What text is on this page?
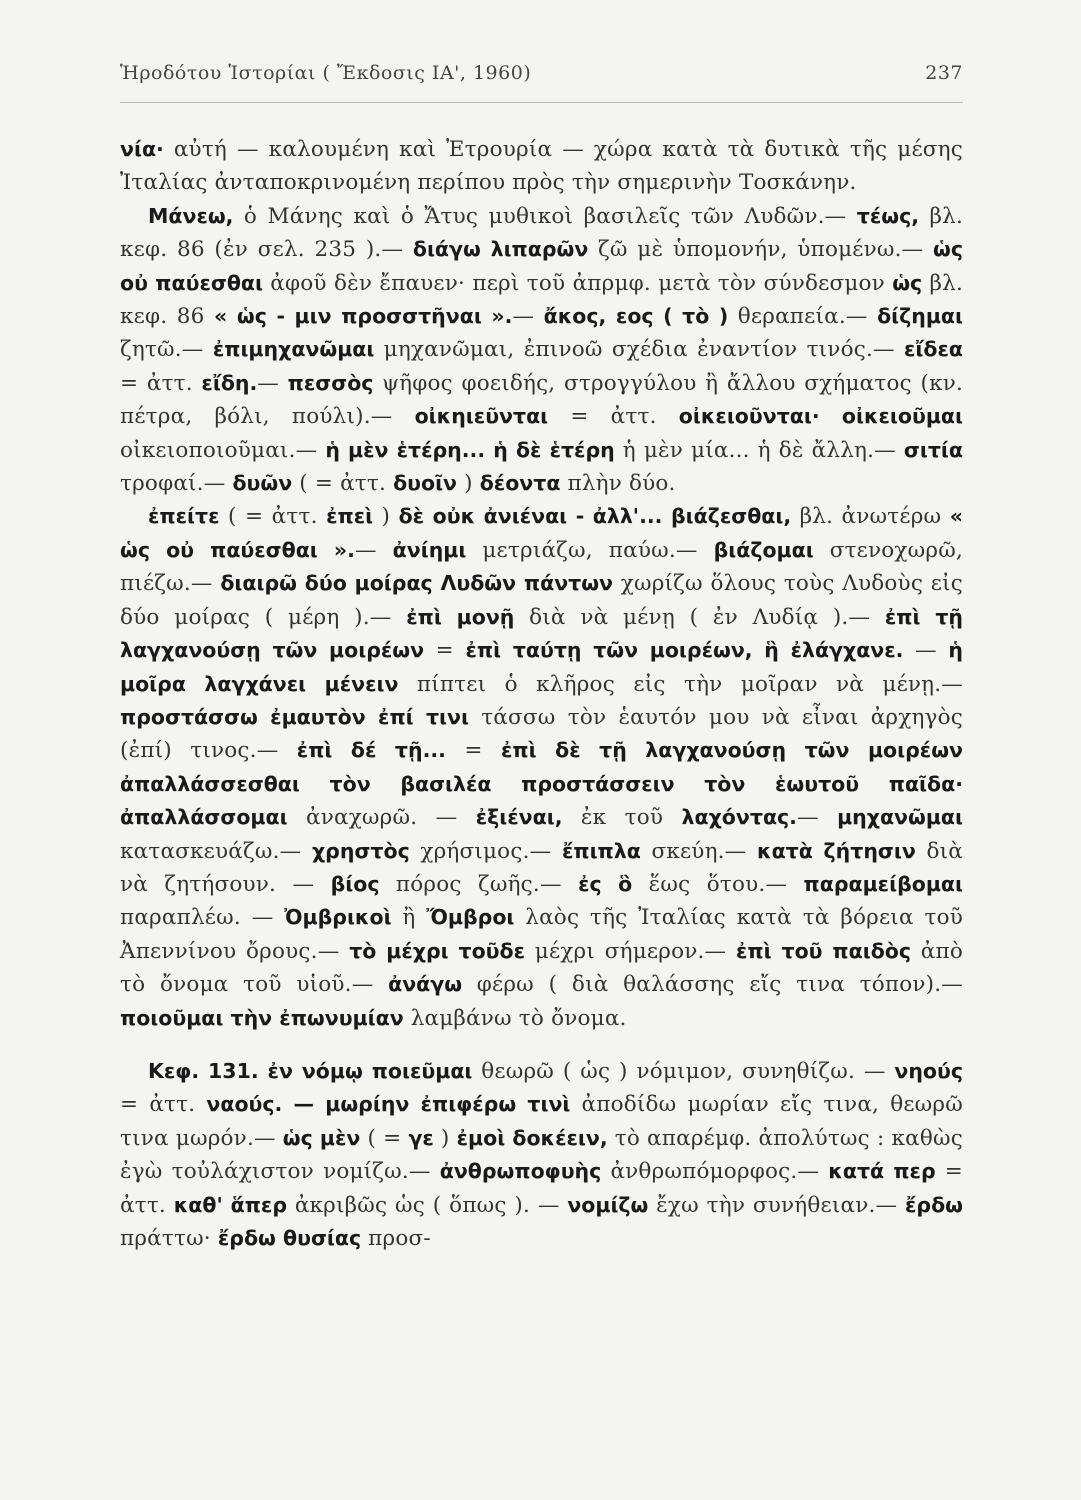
Ἡροδότου Ἱστορίαι ( Ἔκδοσις ΙΑ', 1960)	237

νία· αὐτή — καλουμένη καὶ Ἐτρουρία — χώρα κατὰ τὰ δυτικὰ τῆς μέσης Ἰταλίας ἀνταποκρινομένη περίπου πρὸς τὴν σημερινὴν Τοσκάνην.

Μάνεω, ὁ Μάνης καὶ ὁ Ἄτυς μυθικοὶ βασιλεῖς τῶν Λυδῶν.— τέως, βλ. κεφ. 86 (ἐν σελ. 235 ).— διάγω λιπαρῶν ζῶ μὲ ὑπομονήν, ὑπομένω.— ὡς οὐ παύεσθαι ἀφοῦ δὲν ἔπαυεν· περὶ τοῦ ἀπρμφ. μετὰ τὸν σύνδεσμον ὡς βλ. κεφ. 86 « ὡς - μιν προσστῆναι ».— ἄκος, εος ( τὸ ) θεραπεία.— δίζημαι ζητῶ.— ἐπιμηχανῶμαι μηχανῶμαι, ἐπινοῶ σχέδια ἐναντίον τινός.— εἴδεα = ἀττ. εἴδη.— πεσσὸς ψῆφος φοειδής, στρογγύλου ἢ ἄλλου σχήματος (κν. πέτρα, βόλι, πούλι).— οἰκηιεῦνται = ἀττ. οἰκειοῦνται· οἰκειοῦμαι οἰκειοποιοῦμαι.— ἡ μὲν ἑτέρη... ἡ δὲ ἑτέρη ἡ μὲν μία... ἡ δὲ ἄλλη.— σιτία τροφαί.— δυῶν ( = ἀττ. δυοῖν ) δέοντα πλὴν δύο.

ἐπείτε ( = ἀττ. ἐπεὶ ) δὲ οὐκ ἀνιέναι - ἀλλ'... βιάζεσθαι, βλ. ἀνωτέρω « ὡς οὐ παύεσθαι ».— ἀνίημι μετριάζω, παύω.— βιάζομαι στενοχωρῶ, πιέζω.— διαιρῶ δύο μοίρας Λυδῶν πάντων χωρίζω ὅλους τοὺς Λυδοὺς εἰς δύο μοίρας ( μέρη ).— ἐπὶ μονῇ διὰ νὰ μένῃ ( ἐν Λυδίᾳ ).— ἐπὶ τῇ λαγχανούσῃ τῶν μοιρέων = ἐπὶ ταύτῃ τῶν μοιρέων, ἣ ἐλάγχανε. — ἡ μοῖρα λαγχάνει μένειν πίπτει ὁ κλῆρος εἰς τὴν μοῖραν νὰ μένῃ.— προστάσσω ἐμαυτὸν ἐπί τινι τάσσω τὸν ἑαυτόν μου νὰ εἶναι ἀρχηγὸς (ἐπί) τινος.— ἐπὶ δέ τῇ... = ἐπὶ δὲ τῇ λαγχανούσῃ τῶν μοιρέων ἀπαλλάσσεσθαι τὸν βασιλέα προστάσσειν τὸν ἑωυτοῦ παῖδα· ἀπαλλάσσομαι ἀναχωρῶ. — ἐξιέναι, ἐκ τοῦ λαχόντας.— μηχανῶμαι κατασκευάζω.— χρηστὸς χρήσιμος.— ἔπιπλα σκεύη.— κατὰ ζήτησιν διὰ νὰ ζητήσουν. — βίος πόρος ζωῆς.— ἐς ὃ ἕως ὅτου.— παραμείβομαι παραπλέω. — Ὀμβρικοὶ ἢ Ὄμβροι λαὸς τῆς Ἰταλίας κατὰ τὰ βόρεια τοῦ Ἀπεννίνου ὄρους.— τὸ μέχρι τοῦδε μέχρι σήμερον.— ἐπὶ τοῦ παιδὸς ἀπὸ τὸ ὄνομα τοῦ υἱοῦ.— ἀνάγω φέρω ( διὰ θαλάσσης εἴς τινα τόπον).— ποιοῦμαι τὴν ἐπωνυμίαν λαμβάνω τὸ ὄνομα.

Κεφ. 131. ἐν νόμῳ ποιεῦμαι θεωρῶ ( ὡς ) νόμιμον, συνηθίζω. — νηούς = ἀττ. ναούς. — μωρίην ἐπιφέρω τινὶ ἀποδίδω μωρίαν εἴς τινα, θεωρῶ τινα μωρόν.— ὡς μὲν ( = γε ) ἐμοὶ δοκέειν, τὸ απαρέμφ. ἀπολύτως : καθὼς ἐγὼ τοὐλάχιστον νομίζω.— ἀνθρωποφυὴς ἀνθρωπόμορφος.— κατά περ = ἀττ. καθ' ἅπερ ἀκριβῶς ὡς ( ὅπως ). — νομίζω ἔχω τὴν συνήθειαν.— ἔρδω πράττω· ἔρδω θυσίας προσ-
